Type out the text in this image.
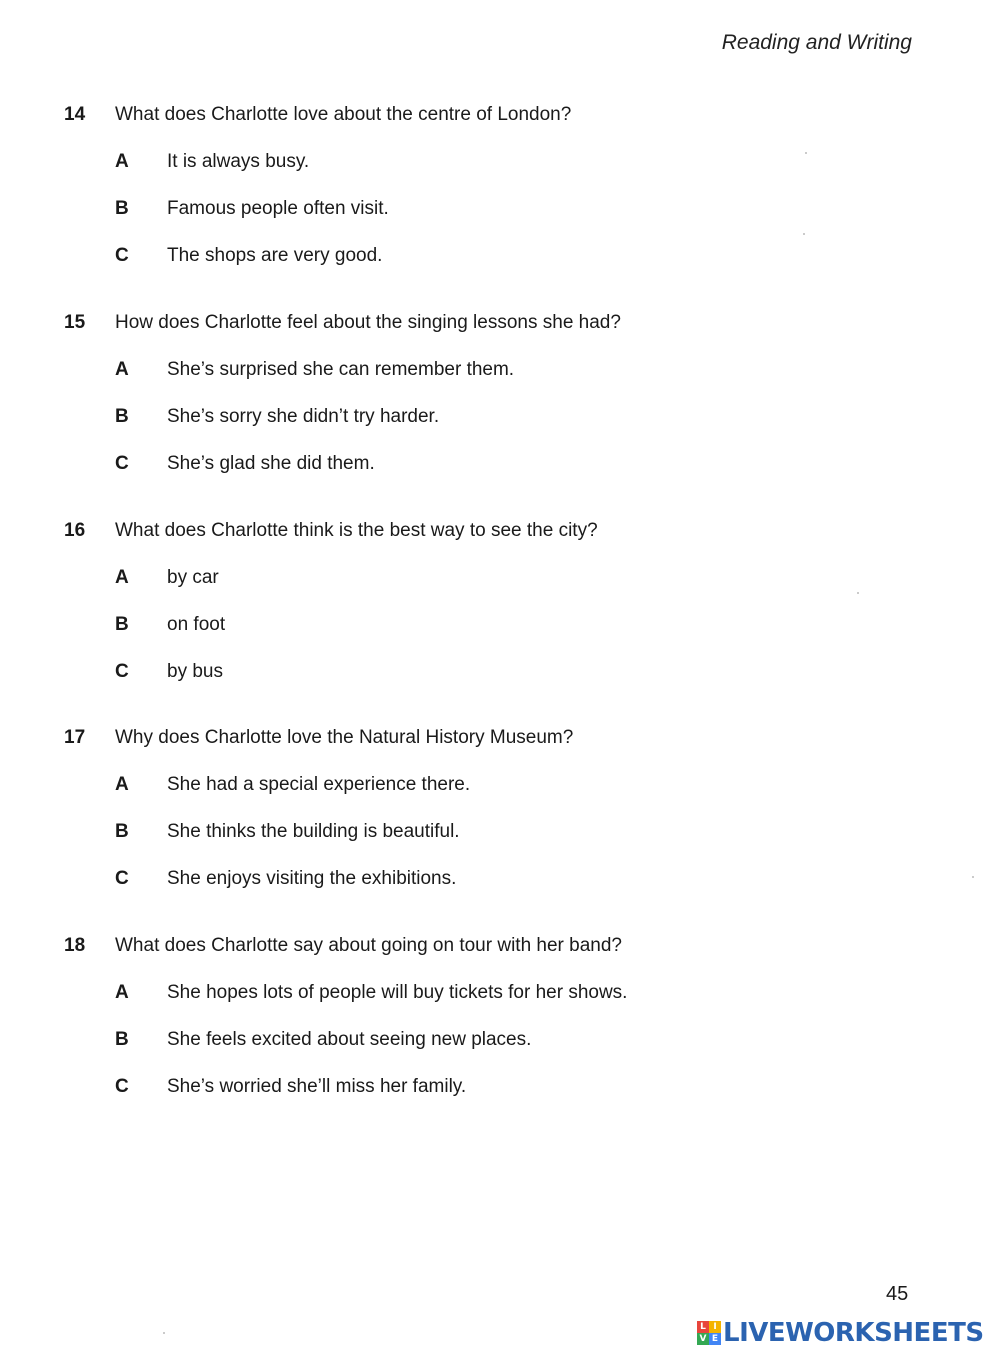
Reading and Writing
14 What does Charlotte love about the centre of London?
A It is always busy.
B Famous people often visit.
C The shops are very good.
15 How does Charlotte feel about the singing lessons she had?
A She’s surprised she can remember them.
B She’s sorry she didn’t try harder.
C She’s glad she did them.
16 What does Charlotte think is the best way to see the city?
A by car
B on foot
C by bus
17 Why does Charlotte love the Natural History Museum?
A She had a special experience there.
B She thinks the building is beautiful.
C She enjoys visiting the exhibitions.
18 What does Charlotte say about going on tour with her band?
A She hopes lots of people will buy tickets for her shows.
B She feels excited about seeing new places.
C She’s worried she’ll miss her family.
45
L I
V E LIVEWORKSHEETS
